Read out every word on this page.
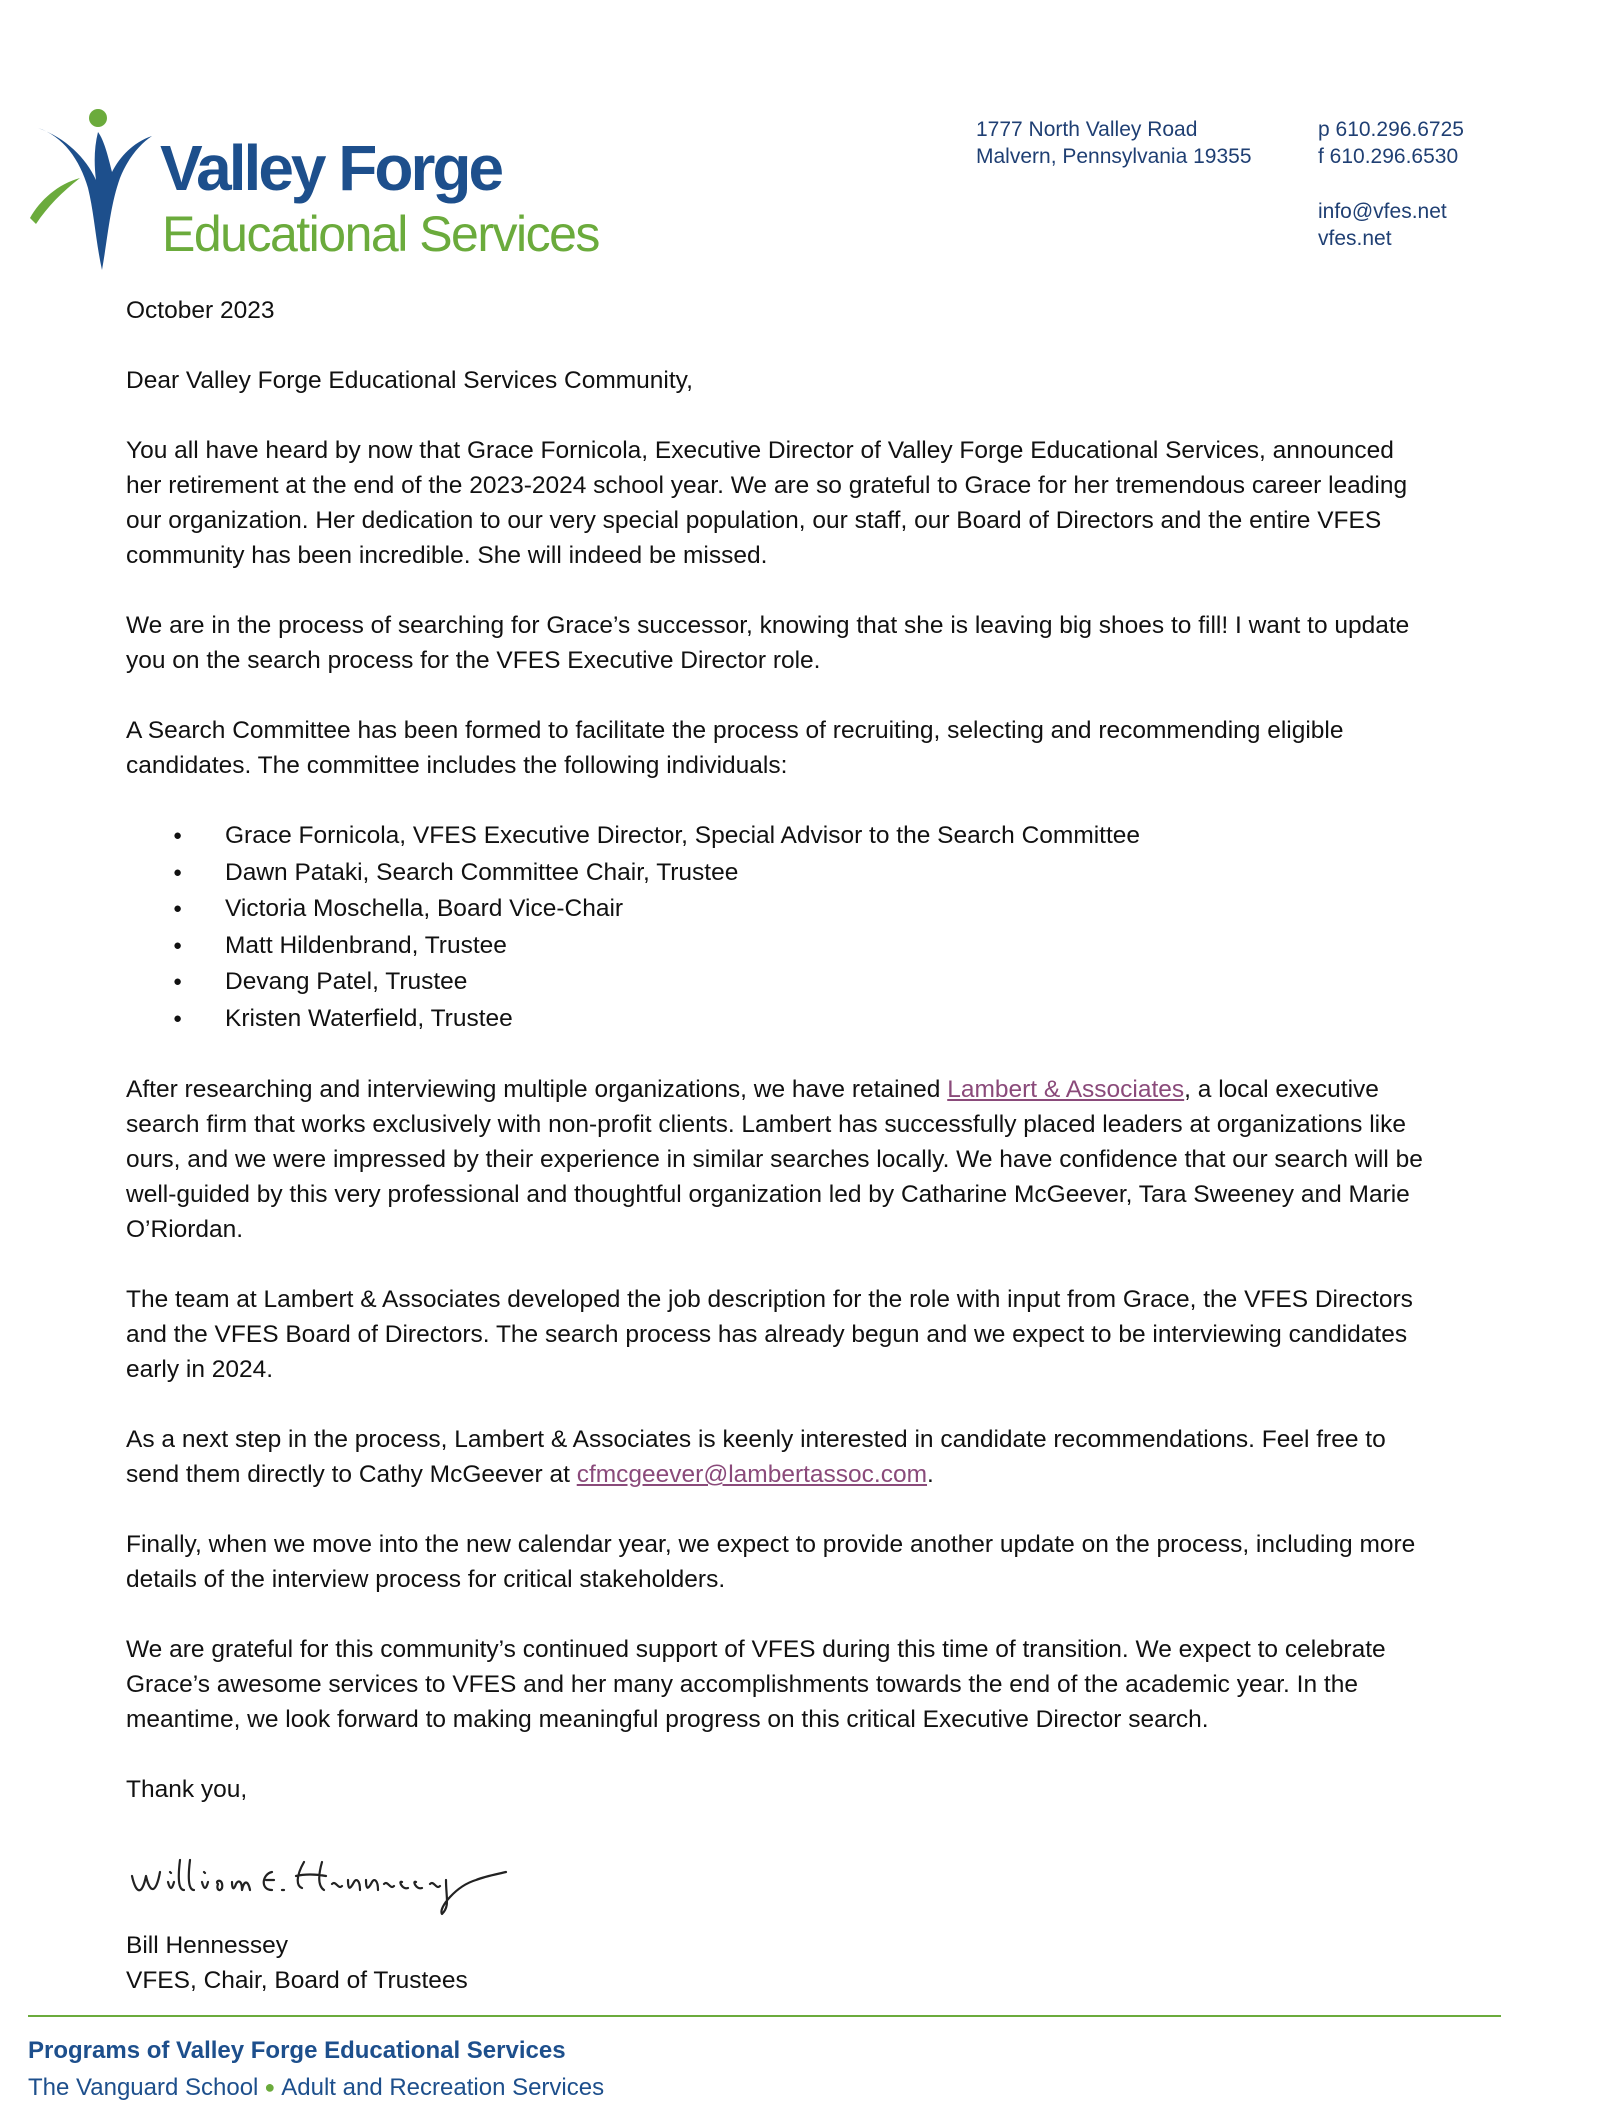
Valley Forge
Educational Services
1777 North Valley Road
Malvern, Pennsylvania 19355
p 610.296.6725
f 610.296.6530
info@vfes.net
vfes.net

October 2023

Dear Valley Forge Educational Services Community,

You all have heard by now that Grace Fornicola, Executive Director of Valley Forge Educational Services, announced her retirement at the end of the 2023-2024 school year. We are so grateful to Grace for her tremendous career leading our organization. Her dedication to our very special population, our staff, our Board of Directors and the entire VFES community has been incredible. She will indeed be missed.

We are in the process of searching for Grace’s successor, knowing that she is leaving big shoes to fill! I want to update you on the search process for the VFES Executive Director role.

A Search Committee has been formed to facilitate the process of recruiting, selecting and recommending eligible candidates. The committee includes the following individuals:

● Grace Fornicola, VFES Executive Director, Special Advisor to the Search Committee
● Dawn Pataki, Search Committee Chair, Trustee
● Victoria Moschella, Board Vice-Chair
● Matt Hildenbrand, Trustee
● Devang Patel, Trustee
● Kristen Waterfield, Trustee

After researching and interviewing multiple organizations, we have retained Lambert & Associates, a local executive search firm that works exclusively with non-profit clients. Lambert has successfully placed leaders at organizations like ours, and we were impressed by their experience in similar searches locally. We have confidence that our search will be well-guided by this very professional and thoughtful organization led by Catharine McGeever, Tara Sweeney and Marie O’Riordan.

The team at Lambert & Associates developed the job description for the role with input from Grace, the VFES Directors and the VFES Board of Directors. The search process has already begun and we expect to be interviewing candidates early in 2024.

As a next step in the process, Lambert & Associates is keenly interested in candidate recommendations. Feel free to send them directly to Cathy McGeever at cfmcgeever@lambertassoc.com.

Finally, when we move into the new calendar year, we expect to provide another update on the process, including more details of the interview process for critical stakeholders.

We are grateful for this community’s continued support of VFES during this time of transition. We expect to celebrate Grace’s awesome services to VFES and her many accomplishments towards the end of the academic year. In the meantime, we look forward to making meaningful progress on this critical Executive Director search.

Thank you,

Bill Hennessey
VFES, Chair, Board of Trustees
Programs of Valley Forge Educational Services
The Vanguard School ● Adult and Recreation Services
